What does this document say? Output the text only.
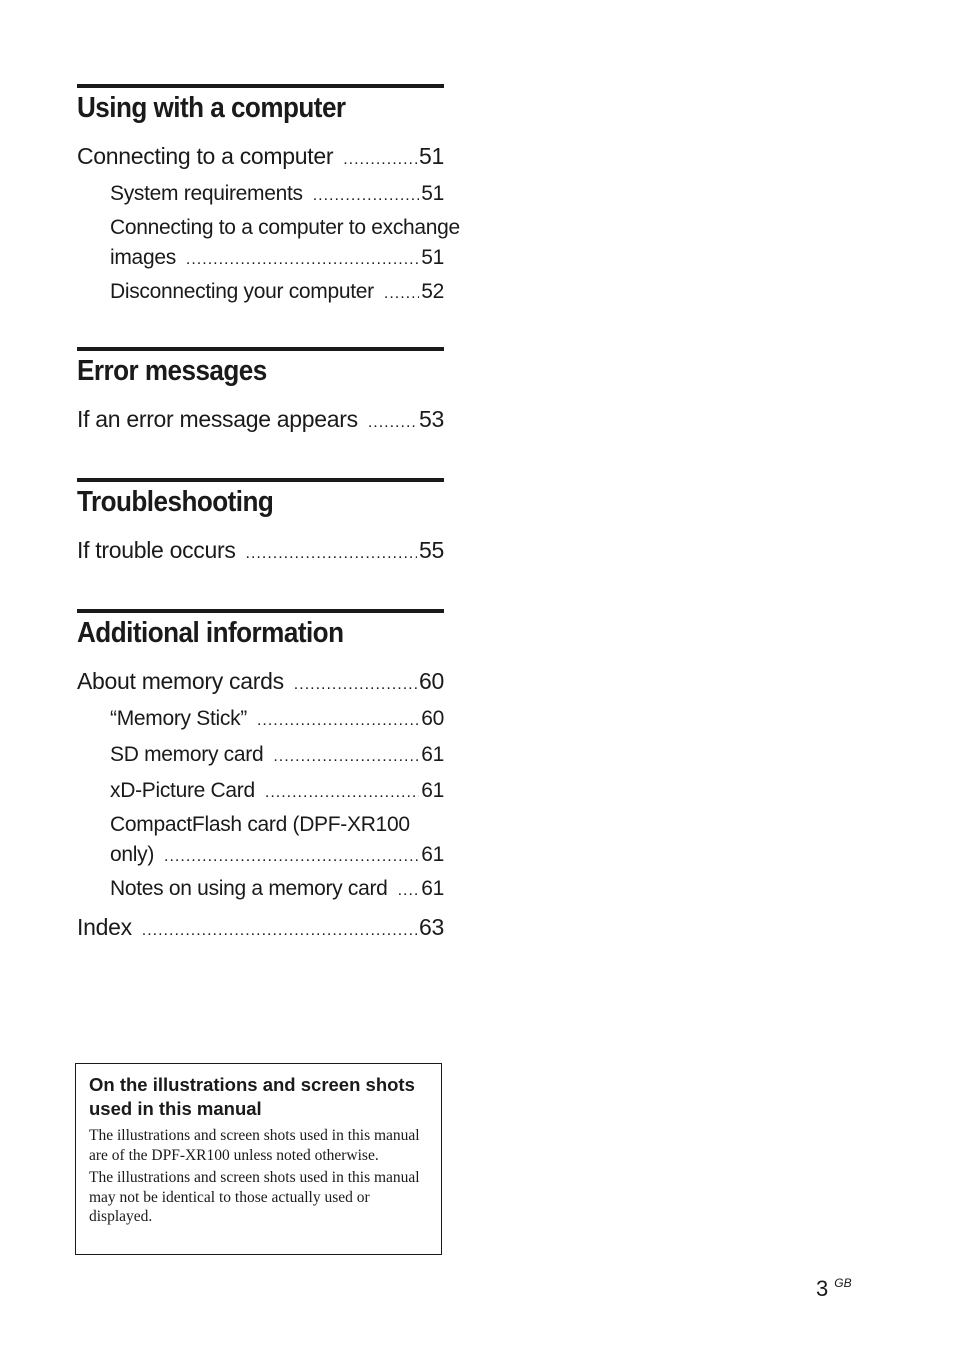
Using with a computer
Connecting to a computer .....	51
System requirements .....	51
Connecting to a computer to exchange
images .....	51
Disconnecting your computer ..... 52
Error messages
If an error message appears .....	53
Troubleshooting
If trouble occurs .....	55
Additional information
About memory cards .....	60
“Memory Stick” .....	60
SD memory card .....	61
xD-Picture Card .....	61
CompactFlash card (DPF-XR100
only) .....	61
Notes on using a memory card ..... 61
Index .....	63
On the illustrations and screen shots used in this manual

The illustrations and screen shots used in this manual are of the DPF-XR100 unless noted otherwise.

The illustrations and screen shots used in this manual may not be identical to those actually used or displayed.

3 $^{GB}$
